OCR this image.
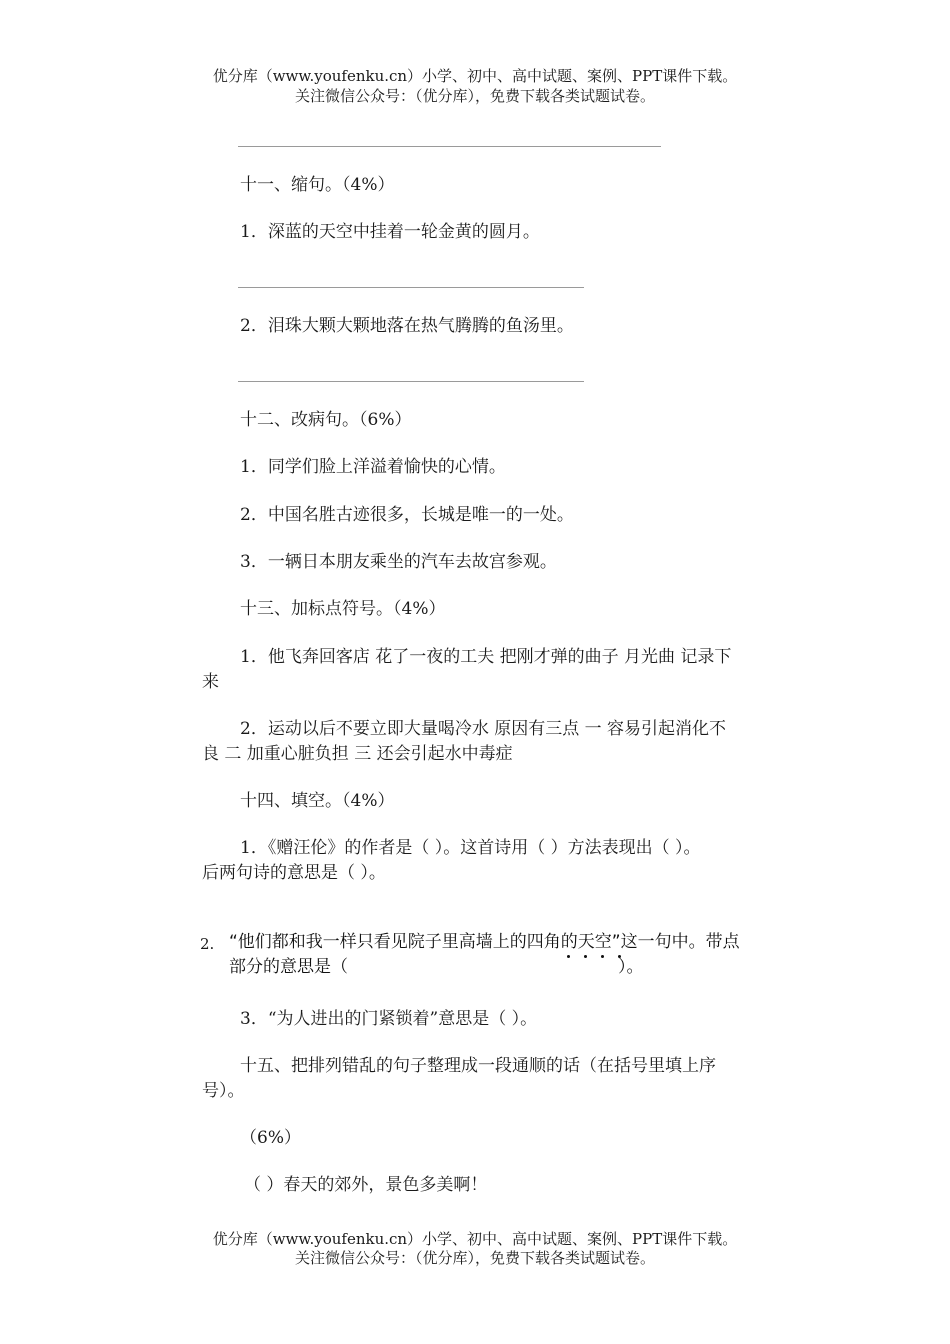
优分库（www.youfenku.cn）小学、初中、高中试题、案例、PPT课件下载。
关注微信公众号：（优分库），免费下载各类试题试卷。
十一、缩句。（4%）
1．深蓝的天空中挂着一轮金黄的圆月。
2．泪珠大颗大颗地落在热气腾腾的鱼汤里。
十二、改病句。（6%）
1．同学们脸上洋溢着愉快的心情。
2．中国名胜古迹很多，长城是唯一的一处。
3．一辆日本朋友乘坐的汽车去故宫参观。
十三、加标点符号。（4%）
1．他飞奔回客店 花了一夜的工夫 把刚才弹的曲子 月光曲 记录下
来
2．运动以后不要立即大量喝冷水 原因有三点 一 容易引起消化不
良 二 加重心脏负担 三 还会引起水中毒症
十四、填空。（4%）
1．《赠汪伦》的作者是（ ）。这首诗用（ ）方法表现出（ ）。
后两句诗的意思是（ ）。
2. “他们都和我一样只看见院子里高墙上的四角的天空”这一句中。带点
部分的意思是（	）。
3．“为人进出的门紧锁着”意思是（ ）。
十五、把排列错乱的句子整理成一段通顺的话（在括号里填上序
号）。
（6%）
（ ）春天的郊外，景色多美啊！
优分库（www.youfenku.cn）小学、初中、高中试题、案例、PPT课件下载。
关注微信公众号：（优分库），免费下载各类试题试卷。
